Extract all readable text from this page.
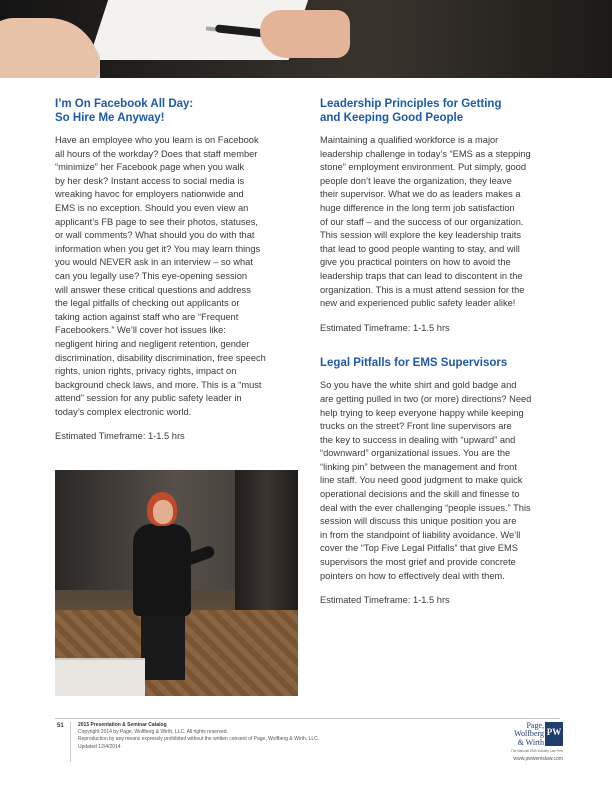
I’m On Facebook All Day:
So Hire Me Anyway!

Have an employee who you learn is on Facebook
all hours of the workday? Does that staff member
“minimize” her Facebook page when you walk
by her desk? Instant access to social media is
wreaking havoc for employers nationwide and
EMS is no exception. Should you even view an
applicant’s FB page to see their photos, statuses,
or wall comments? What should you do with that
information when you get it? You may learn things
you would NEVER ask in an interview – so what
can you legally use? This eye-opening session
will answer these critical questions and address
the legal pitfalls of checking out applicants or
taking action against staff who are “Frequent
Facebookers.” We’ll cover hot issues like:
negligent hiring and negligent retention, gender
discrimination, disability discrimination, free speech
rights, union rights, privacy rights, impact on
background check laws, and more. This is a “must
attend” session for any public safety leader in
today’s complex electronic world.

Estimated Timeframe: 1-1.5 hrs

Leadership Principles for Getting
and Keeping Good People

Maintaining a qualified workforce is a major
leadership challenge in today’s “EMS as a stepping
stone” employment environment. Put simply, good
people don’t leave the organization, they leave
their supervisor. What we do as leaders makes a
huge difference in the long term job satisfaction
of our staff – and the success of our organization.
This session will explore the key leadership traits
that lead to good people wanting to stay, and will
give you practical pointers on how to avoid the
leadership traps that can lead to discontent in the
organization. This is a must attend session for the
new and experienced public safety leader alike!

Estimated Timeframe: 1-1.5 hrs

Legal Pitfalls for EMS Supervisors

So you have the white shirt and gold badge and
are getting pulled in two (or more) directions? Need
help trying to keep everyone happy while keeping
trucks on the street? Front line supervisors are
the key to success in dealing with “upward” and
“downward” organizational issues. You are the
“linking pin” between the management and front
line staff. You need good judgment to make quick
operational decisions and the skill and finesse to
deal with the ever challenging “people issues.” This
session will discuss this unique position you are
in from the standpoint of liability avoidance. We’ll
cover the “Top Five Legal Pitfalls” that give EMS
supervisors the most grief and provide concrete
pointers on how to effectively deal with them.

Estimated Timeframe: 1-1.5 hrs

51	2015 Presentation & Seminar Catalog
Copyright 2014 by Page, Wolfberg & Wirth, LLC. All rights reserved.
Reproduction by any means expressly prohibited without the written consent of Page, Wolfberg & Wirth, LLC.
Updated 12/4/2014
Page,
Wolfberg
& Wirth
PW
The National EMS Industry Law Firm
www.pwwemslaw.com
